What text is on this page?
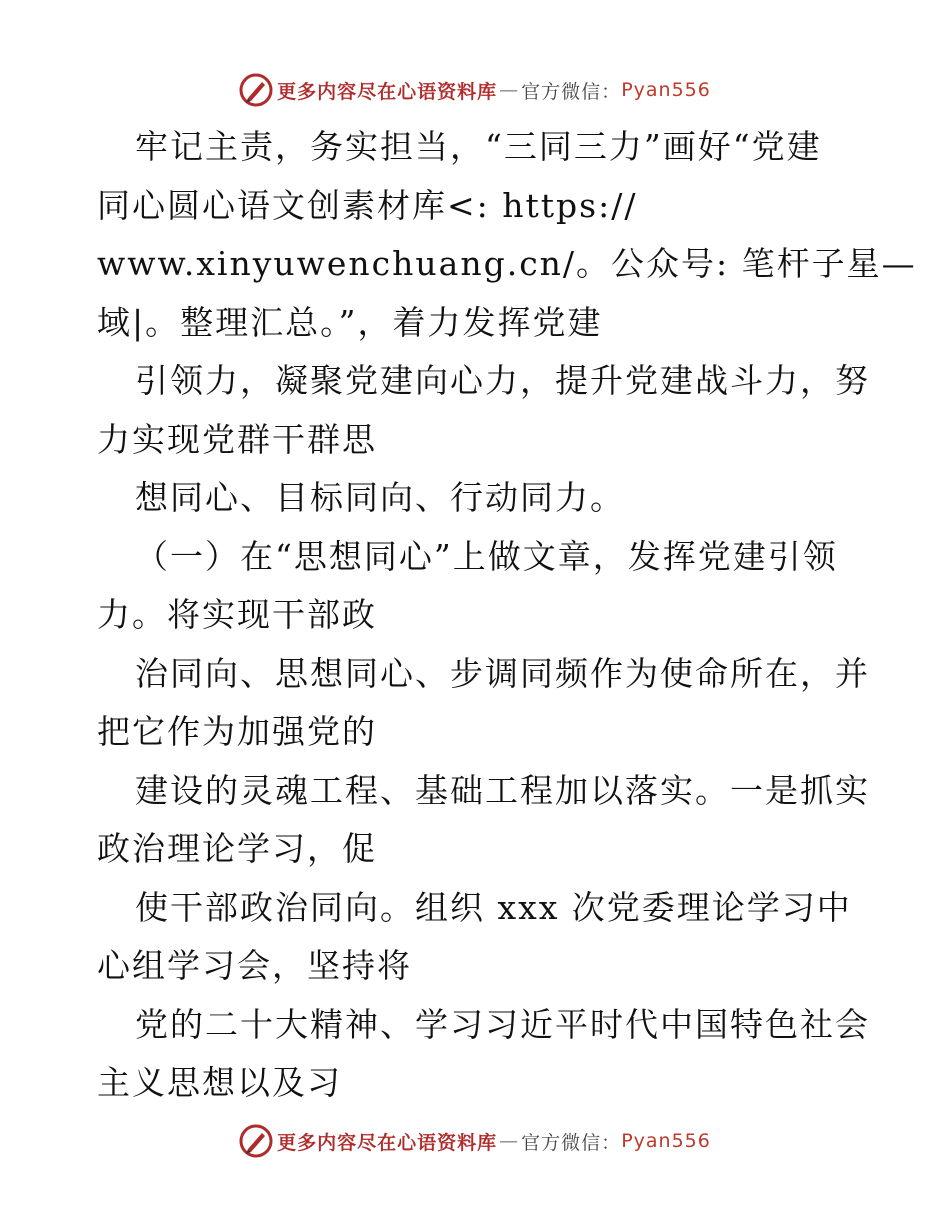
更多内容尽在心语资料库 — 官方微信： Pyan556
牢记主责，务实担当，“三同三力”画好“党建
同心圆心语文创素材库<: https://
www.xinyuwenchuang.cn/。公众号: 笔杆子星—
域|。整理汇总。”，着力发挥党建
引领力，凝聚党建向心力，提升党建战斗力，努
力实现党群干群思
想同心、目标同向、行动同力。
（一）在“思想同心”上做文章，发挥党建引领
力。将实现干部政
治同向、思想同心、步调同频作为使命所在，并
把它作为加强党的
建设的灵魂工程、基础工程加以落实。一是抓实
政治理论学习，促
使干部政治同向。组织 xxx 次党委理论学习中
心组学习会，坚持将
党的二十大精神、学习习近平时代中国特色社会
主义思想以及习
更多内容尽在心语资料库 — 官方微信： Pyan556
